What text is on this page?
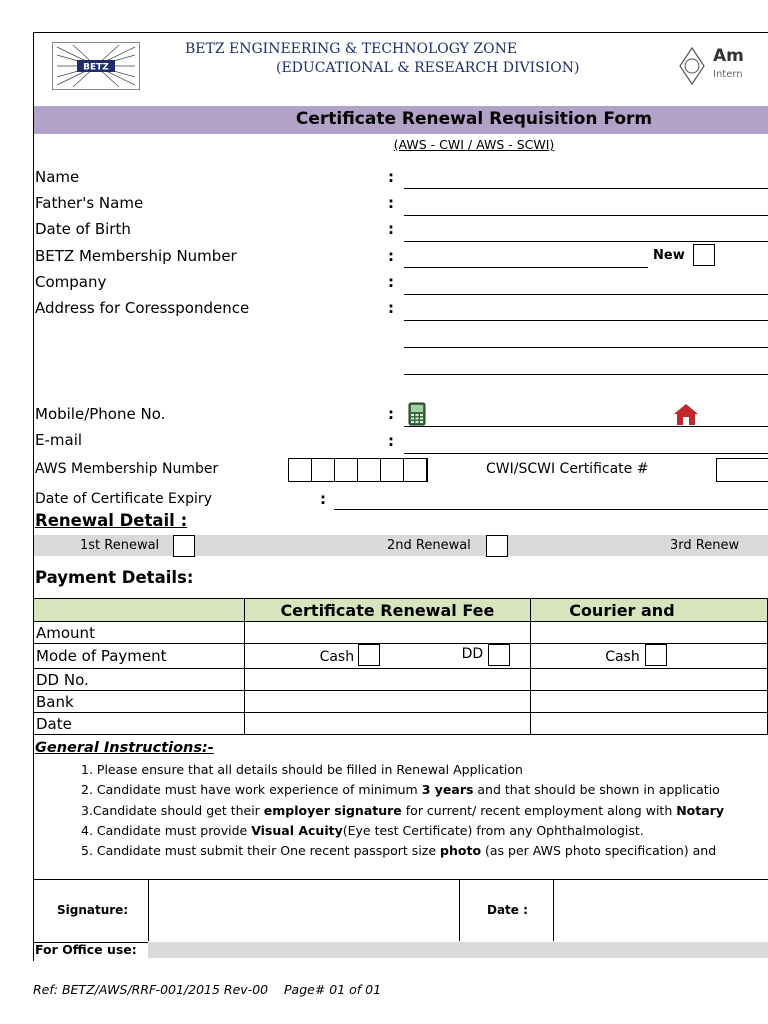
BETZ
BETZ ENGINEERING & TECHNOLOGY ZONE
(EDUCATIONAL & RESEARCH DIVISION)
Am
Intern
Certificate Renewal Requisition Form
(AWS - CWI / AWS - SCWI)
Name	:
Father's Name	:
Date of Birth	:
BETZ Membership Number	:	New
Company	:
Address for Coresspondence	:
Mobile/Phone No.	:
E-mail	:
AWS Membership Number	CWI/SCWI Certificate #
Date of Certificate Expiry	:
Renewal Detail :
1st Renewal	2nd Renewal	3rd Renew
Payment Details:
	Certificate Renewal Fee	Courier and
Amount		
Mode of Payment	Cash DD	Cash

DD No.		
Bank		
Date		
General Instructions:-
1. Please ensure that all details should be filled in Renewal Application
2. Candidate must have work experience of minimum 3 years and that should be shown in applicatio
3.Candidate should get their employer signature for current/ recent employment along with Notary
4. Candidate must provide Visual Acuity(Eye test Certificate) from any Ophthalmologist.
5. Candidate must submit their One recent passport size photo (as per AWS photo specification) and
Signature:	Date :
For Office use:
Ref: BETZ/AWS/RRF-001/2015 Rev-00    Page# 01 of 01
